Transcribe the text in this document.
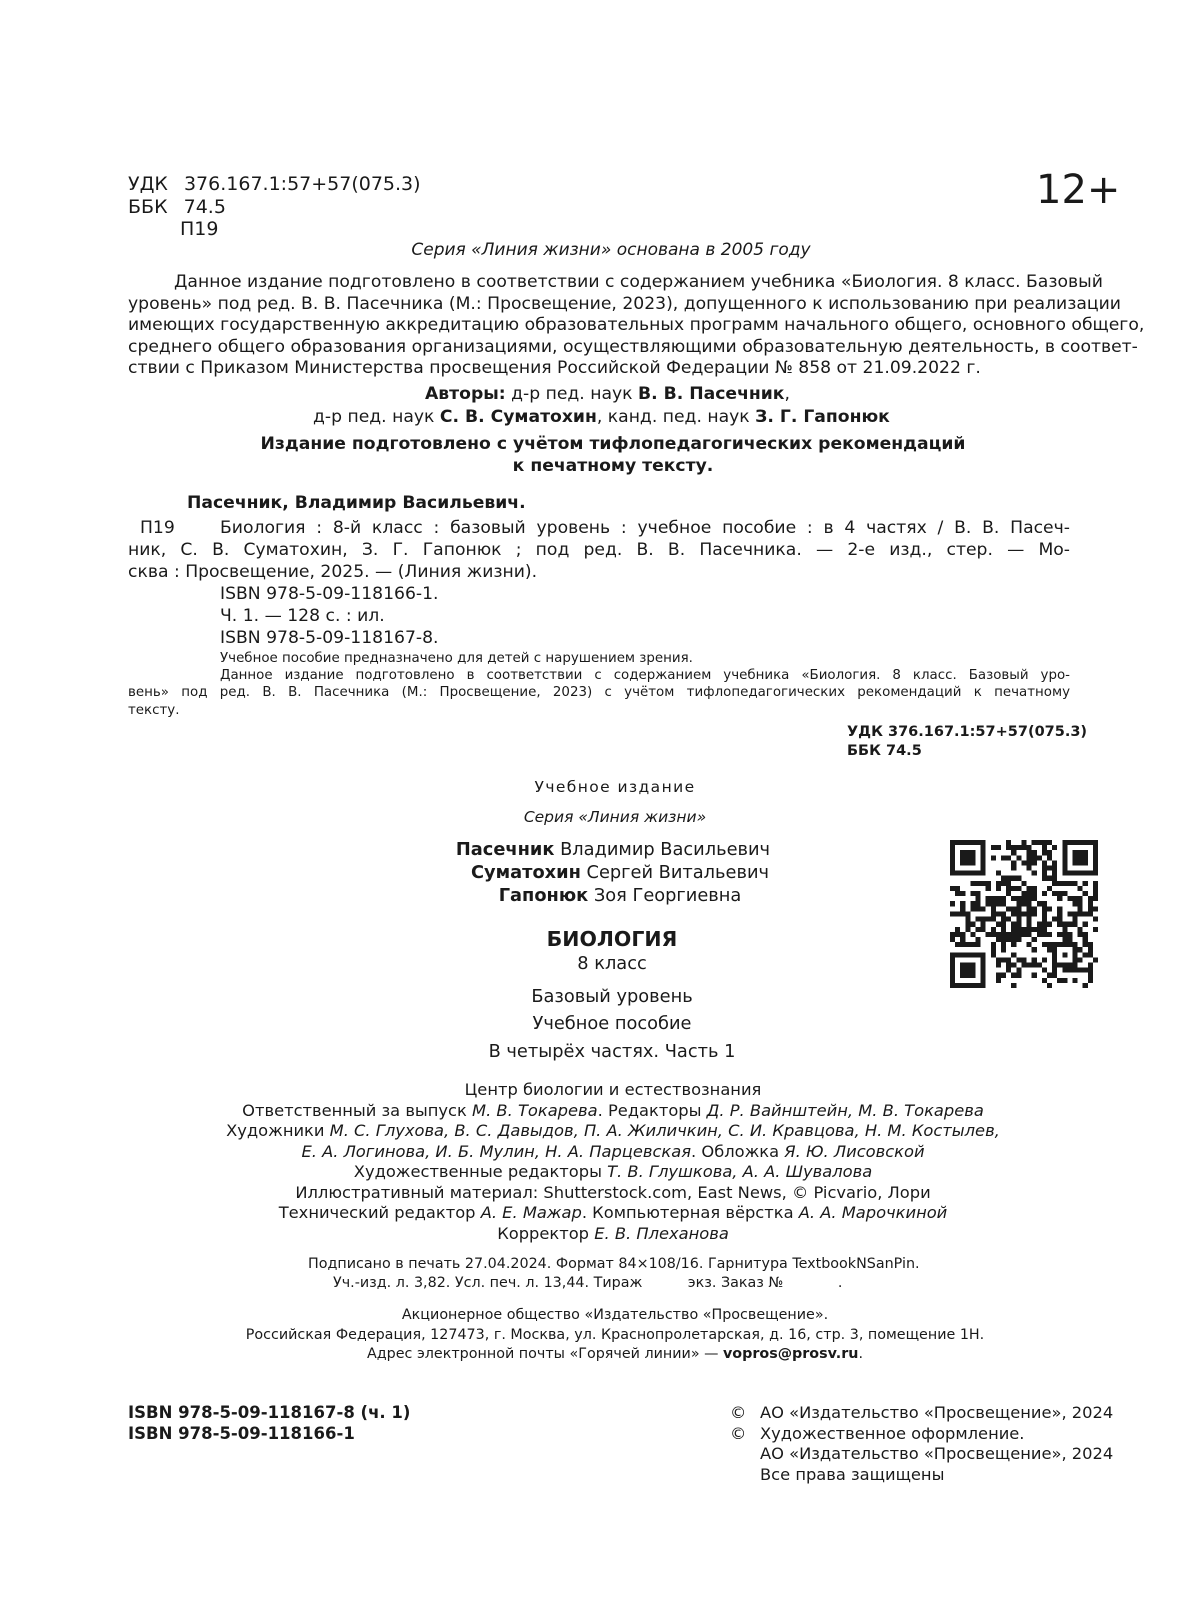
УДК 376.167.1:57+57(075.3)
ББК 74.5
П19
12+
Серия «Линия жизни» основана в 2005 году
Данное издание подготовлено в соответствии с содержанием учебника «Биология. 8 класс. Базовый
уровень» под ред. В. В. Пасечника (М.: Просвещение, 2023), допущенного к использованию при реализации
имеющих государственную аккредитацию образовательных программ начального общего, основного общего,
среднего общего образования организациями, осуществляющими образовательную деятельность, в соответ-
ствии с Приказом Министерства просвещения Российской Федерации № 858 от 21.09.2022 г.
Авторы: д-р пед. наук В. В. Пасечник,
д-р пед. наук С. В. Суматохин, канд. пед. наук З. Г. Гапонюк
Издание подготовлено с учётом тифлопедагогических рекомендаций
к печатному тексту.
Пасечник, Владимир Васильевич.
П19	Биология : 8-й класс : базовый уровень : учебное пособие : в 4 частях / В. В. Пасеч-
ник, С. В. Суматохин, З. Г. Гапонюк ; под ред. В. В. Пасечника. — 2-е изд., стер. — Мо-
сква : Просвещение, 2025. — (Линия жизни).
ISBN 978-5-09-118166-1.
Ч. 1. — 128 с. : ил.
ISBN 978-5-09-118167-8.
Учебное пособие предназначено для детей с нарушением зрения.
Данное издание подготовлено в соответствии с содержанием учебника «Биология. 8 класс. Базовый уро-
вень» под ред. В. В. Пасечника (М.: Просвещение, 2023) с учётом тифлопедагогических рекомендаций к печатному
тексту.
УДК 376.167.1:57+57(075.3)
ББК 74.5
Учебное издание
Серия «Линия жизни»
Пасечник Владимир Васильевич
Суматохин Сергей Витальевич
Гапонюк Зоя Георгиевна
БИОЛОГИЯ
8 класс
Базовый уровень
Учебное пособие
В четырёх частях. Часть 1
Центр биологии и естествознания
Ответственный за выпуск М. В. Токарева. Редакторы Д. Р. Вайнштейн, М. В. Токарева
Художники М. С. Глухова, В. С. Давыдов, П. А. Жиличкин, С. И. Кравцова, Н. М. Костылев,
Е. А. Логинова, И. Б. Мулин, Н. А. Парцевская. Обложка Я. Ю. Лисовской
Художественные редакторы Т. В. Глушкова, А. А. Шувалова
Иллюстративный материал: Shutterstock.com, East News, © Picvario, Лори
Технический редактор А. Е. Мажар. Компьютерная вёрстка А. А. Марочкиной
Корректор Е. В. Плеханова
Подписано в печать 27.04.2024. Формат 84×108/16. Гарнитура TextbookNSanPin.
Уч.-изд. л. 3,82. Усл. печ. л. 13,44. Тираж          экз. Заказ №            .
Акционерное общество «Издательство «Просвещение».
Российская Федерация, 127473, г. Москва, ул. Краснопролетарская, д. 16, стр. 3, помещение 1Н.
Адрес электронной почты «Горячей линии» — vopros@prosv.ru.
ISBN 978-5-09-118167-8 (ч. 1)
ISBN 978-5-09-118166-1
© АО «Издательство «Просвещение», 2024
© Художественное оформление.
АО «Издательство «Просвещение», 2024
Все права защищены
